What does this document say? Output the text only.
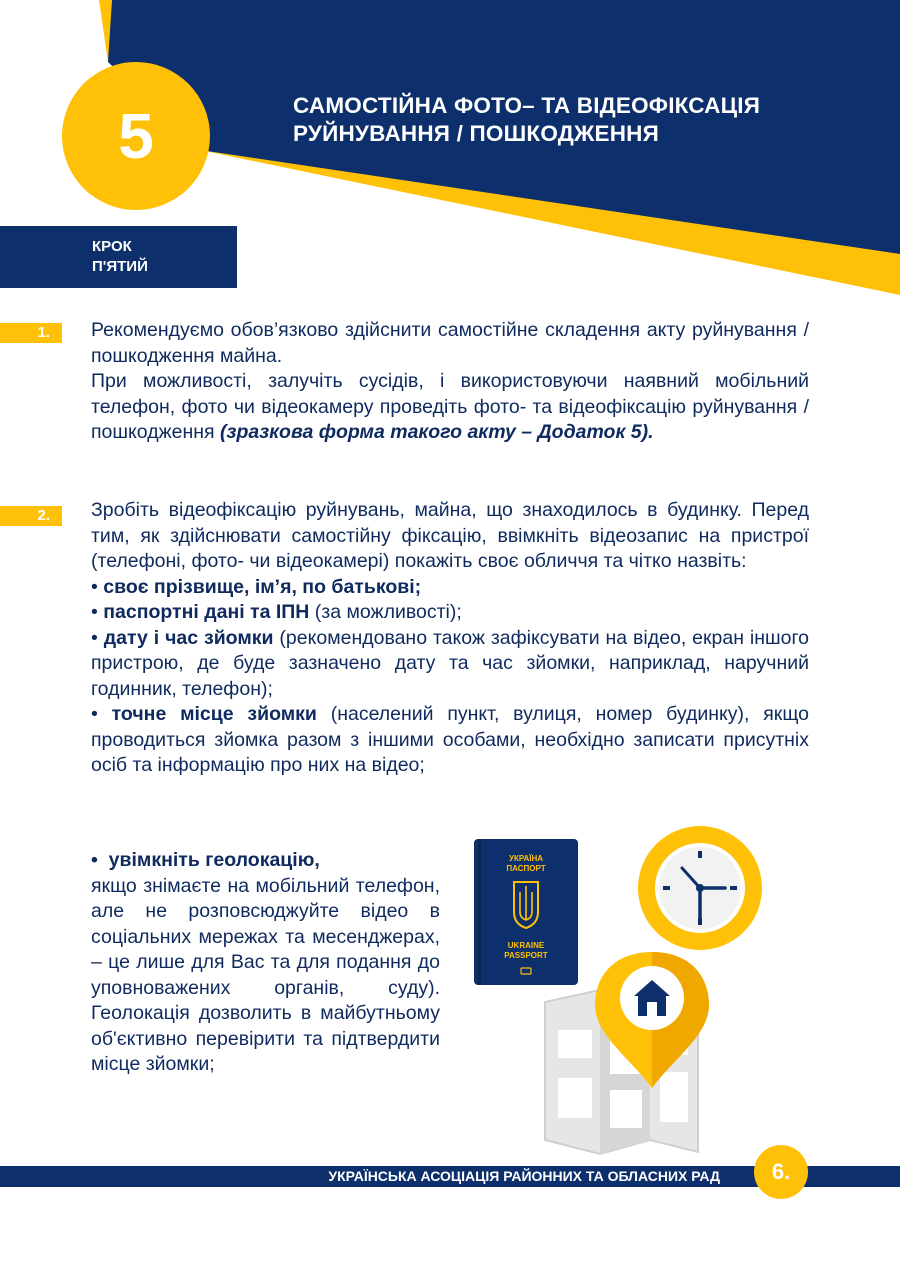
5	САМОСТІЙНА ФОТО– ТА ВІДЕОФІКСАЦІЯ
РУЙНУВАННЯ / ПОШКОДЖЕННЯ
КРОК
П'ЯТИЙ
1.	Рекомендуємо обов’язково здійснити самостійне складення акту руйнування / пошкодження майна.

При можливості, залучіть сусідів, і використовуючи наявний мобільний телефон, фото чи відеокамеру проведіть фото- та відеофіксацію руйнування / пошкодження (зразкова форма такого акту – Додаток 5).

2.	Зробіть відеофіксацію руйнувань, майна, що знаходилось в будинку. Перед тим, як здійснювати самостійну фіксацію, ввімкніть відеозапис на пристрої (телефоні, фото- чи відеокамері) покажіть своє обличчя та чітко назвіть:

• своє прізвище, ім’я, по батькові;

• паспортні дані та ІПН (за можливості);

• дату і час зйомки (рекомендовано також зафіксувати на відео, екран іншого пристрою, де буде зазначено дату та час зйомки, наприклад, наручний годинник, телефон);

• точне місце зйомки (населений пункт, вулиця, номер будинку), якщо проводиться зйомка разом з іншими особами, необхідно записати присутніх осіб та інформацію про них на відео;

•  увімкніть геолокацію,
якщо знімаєте на мобільний телефон, але не розповсюджуйте відео в соціальних мережах та месенджерах, – це лише для Вас та для подання до уповноважених органів, суду). Геолокація дозволить в майбутньому об'єктивно перевірити та підтвердити місце зйомки;
УКРАЇНА
ПАСПОРТ
UKRAINE
PASSPORT
УКРАЇНСЬКА АСОЦІАЦІЯ РАЙОННИХ ТА ОБЛАСНИХ РАД 6.
